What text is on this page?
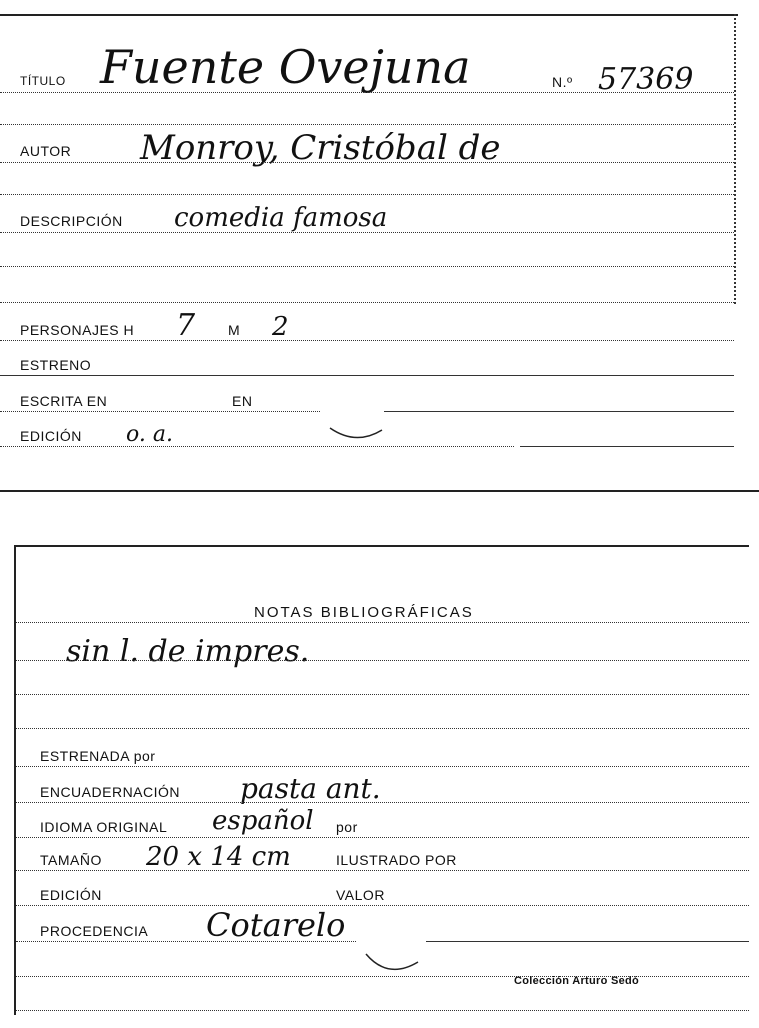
TÍTULO Fuente Ovejuna	N.º 57369
AUTOR Monroy, Cristóbal de
DESCRIPCIÓN comedia famosa
PERSONAJES H 7 M 2
ESTRENO
ESCRITA EN	EN
EDICIÓN o. a.
NOTAS BIBLIOGRÁFICAS
sin l. de impres.
ESTRENADA por
ENCUADERNACIÓN pasta ant.
IDIOMA ORIGINAL español por
TAMAÑO 20 x 14 cm	ILUSTRADO POR
EDICIÓN	VALOR
PROCEDENCIA Cotarelo
Colección Arturo Sedó
